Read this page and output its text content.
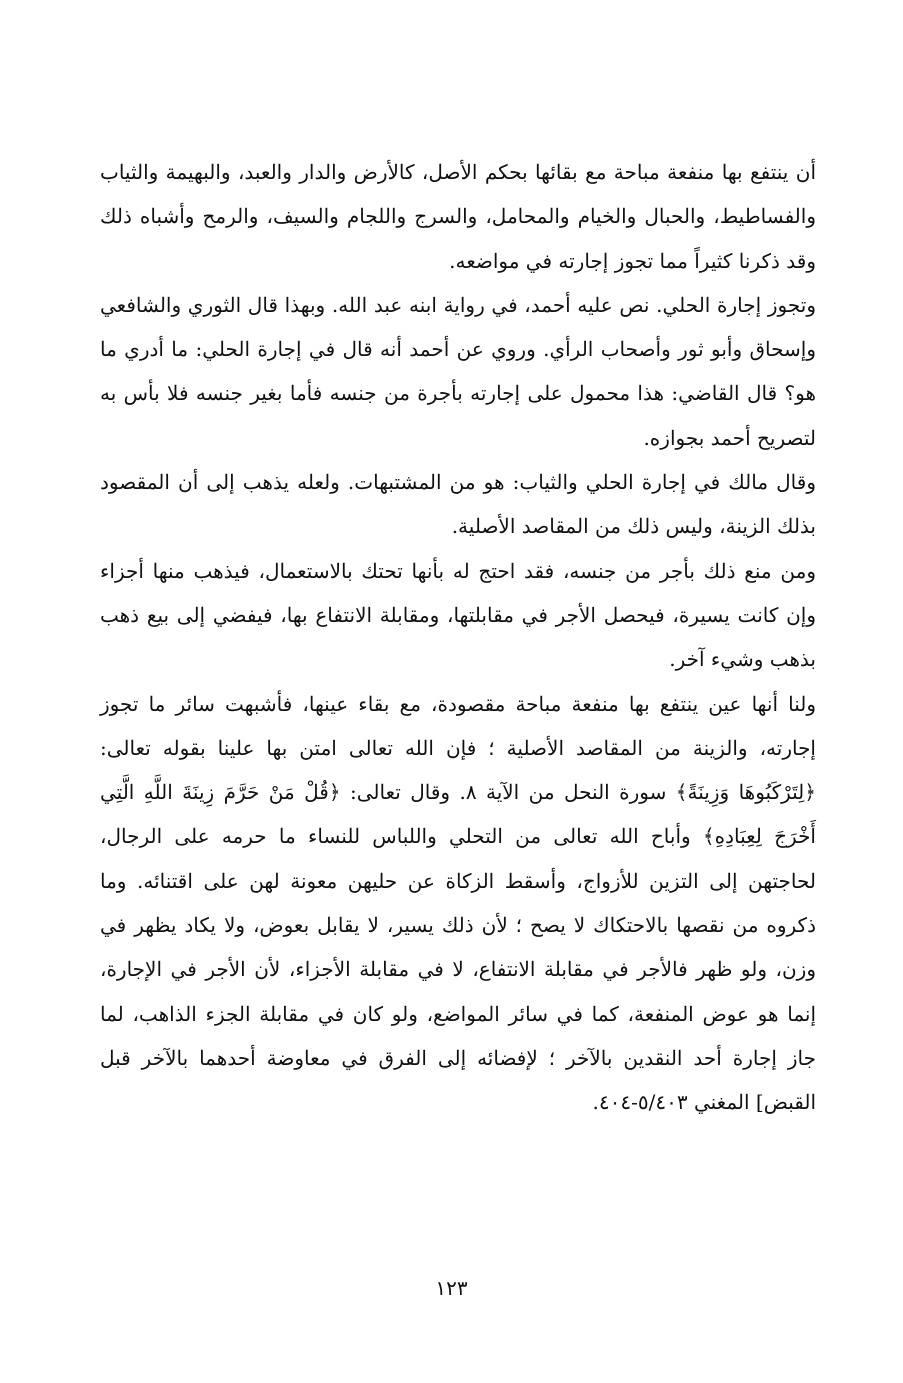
أن ينتفع بها منفعة مباحة مع بقائها بحكم الأصل، كالأرض والدار والعبد، والبهيمة والثياب والفساطيط، والحبال والخيام والمحامل، والسرج واللجام والسيف، والرمح وأشباه ذلك وقد ذكرنا كثيراً مما تجوز إجارته في مواضعه.

وتجوز إجارة الحلي. نص عليه أحمد، في رواية ابنه عبد الله. وبهذا قال الثوري والشافعي وإسحاق وأبو ثور وأصحاب الرأي. وروي عن أحمد أنه قال في إجارة الحلي: ما أدري ما هو؟ قال القاضي: هذا محمول على إجارته بأجرة من جنسه فأما بغير جنسه فلا بأس به لتصريح أحمد بجوازه.

وقال مالك في إجارة الحلي والثياب: هو من المشتبهات. ولعله يذهب إلى أن المقصود بذلك الزينة، وليس ذلك من المقاصد الأصلية.

ومن منع ذلك بأجر من جنسه، فقد احتج له بأنها تحتك بالاستعمال، فيذهب منها أجزاء وإن كانت يسيرة، فيحصل الأجر في مقابلتها، ومقابلة الانتفاع بها، فيفضي إلى بيع ذهب بذهب وشيء آخر.

ولنا أنها عين ينتفع بها منفعة مباحة مقصودة، مع بقاء عينها، فأشبهت سائر ما تجوز إجارته، والزينة من المقاصد الأصلية ؛ فإن الله تعالى امتن بها علينا بقوله تعالى: ﴿لِتَرْكَبُوهَا وَزِينَةً﴾ سورة النحل من الآية ٨. وقال تعالى: ﴿قُلْ مَنْ حَرَّمَ زِينَةَ اللَّهِ الَّتِي أَخْرَجَ لِعِبَادِهِ﴾ وأباح الله تعالى من التحلي واللباس للنساء ما حرمه على الرجال، لحاجتهن إلى التزين للأزواج، وأسقط الزكاة عن حليهن معونة لهن على اقتنائه. وما ذكروه من نقصها بالاحتكاك لا يصح ؛ لأن ذلك يسير، لا يقابل بعوض، ولا يكاد يظهر في وزن، ولو ظهر فالأجر في مقابلة الانتفاع، لا في مقابلة الأجزاء، لأن الأجر في الإجارة، إنما هو عوض المنفعة، كما في سائر المواضع، ولو كان في مقابلة الجزء الذاهب، لما جاز إجارة أحد النقدين بالآخر ؛ لإفضائه إلى الفرق في معاوضة أحدهما بالآخر قبل القبض] المغني ٥/٤٠٣-٤٠٤.

١٢٣
